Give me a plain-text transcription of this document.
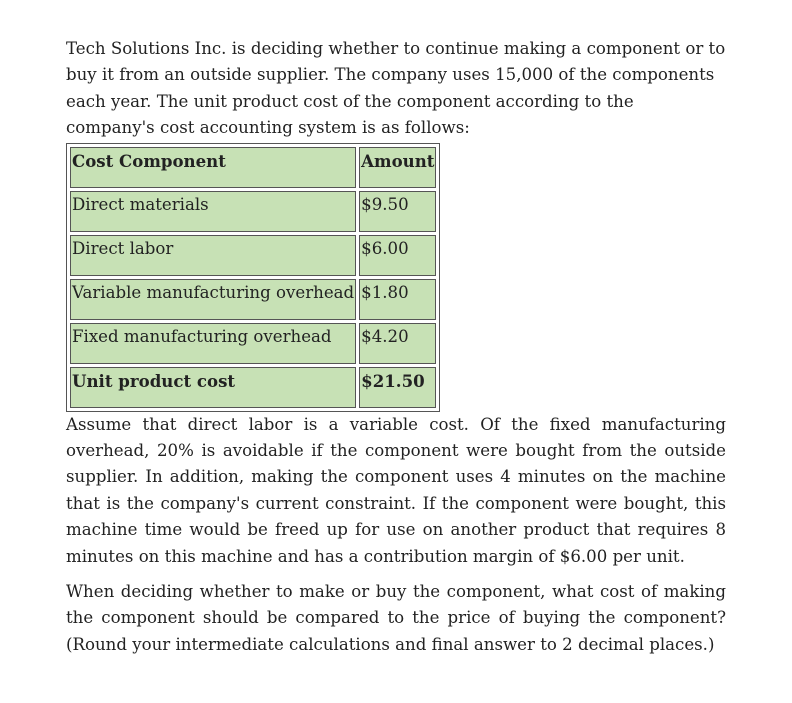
Tech Solutions Inc. is deciding whether to continue making a component or to buy it from an outside supplier. The company uses 15,000 of the components each year. The unit product cost of the component according to the company's cost accounting system is as follows:

Cost Component	Amount
Direct materials	$9.50
Direct labor	$6.00
Variable manufacturing overhead	$1.80
Fixed manufacturing overhead	$4.20
Unit product cost	$21.50

Assume that direct labor is a variable cost. Of the fixed manufacturing overhead, 20% is avoidable if the component were bought from the outside supplier. In addition, making the component uses 4 minutes on the machine that is the company's current constraint. If the component were bought, this machine time would be freed up for use on another product that requires 8 minutes on this machine and has a contribution margin of $6.00 per unit.

When deciding whether to make or buy the component, what cost of making the component should be compared to the price of buying the component? (Round your intermediate calculations and final answer to 2 decimal places.)
